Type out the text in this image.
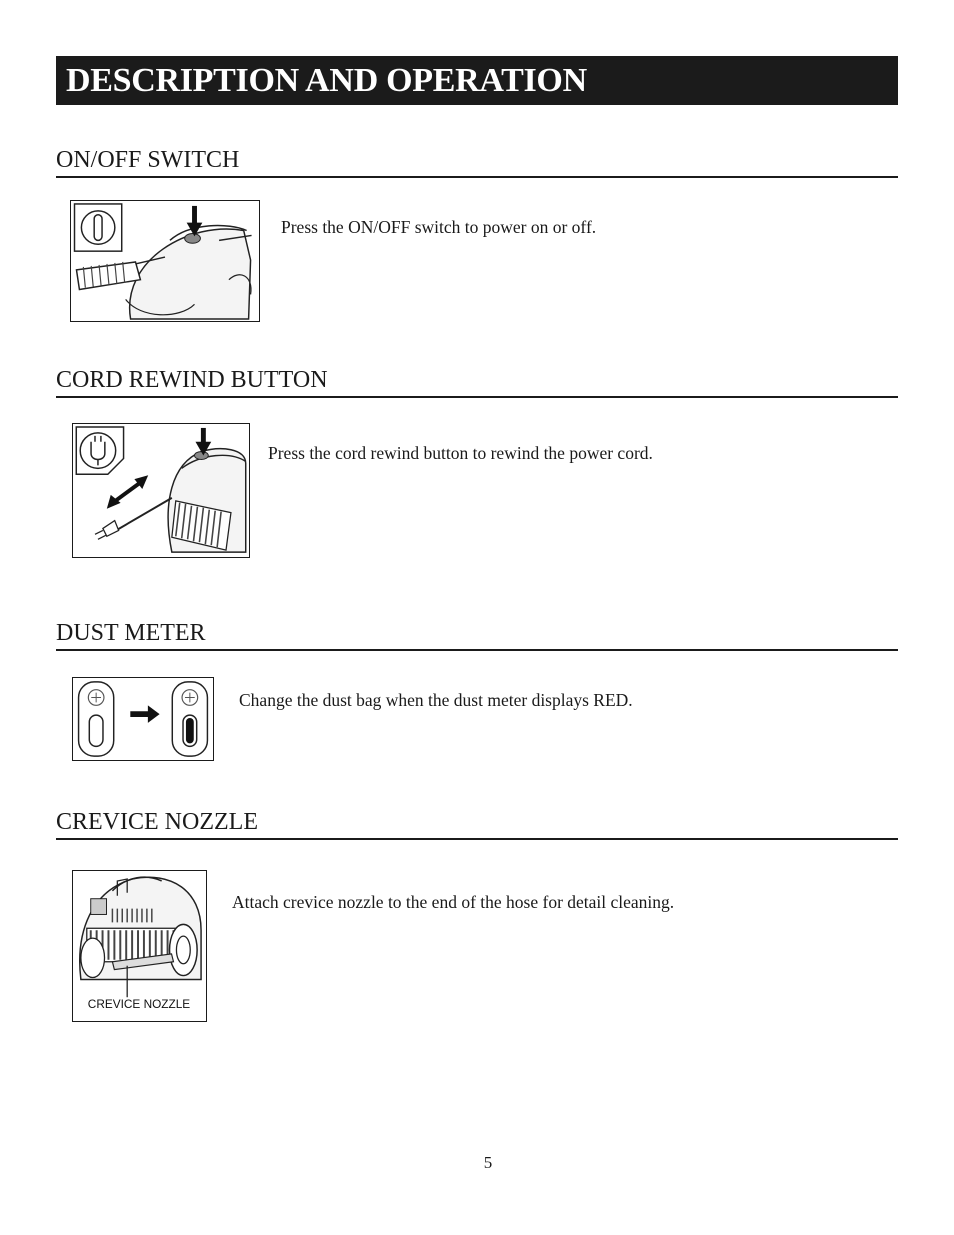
DESCRIPTION AND OPERATION
ON/OFF SWITCH
Press the ON/OFF switch to power on or off.
CORD REWIND BUTTON
Press the cord rewind button to rewind the power cord.
DUST METER
Change the dust bag when the dust meter displays RED.
CREVICE NOZZLE
CREVICE NOZZLE
Attach crevice nozzle to the end of the hose for detail cleaning.
5
